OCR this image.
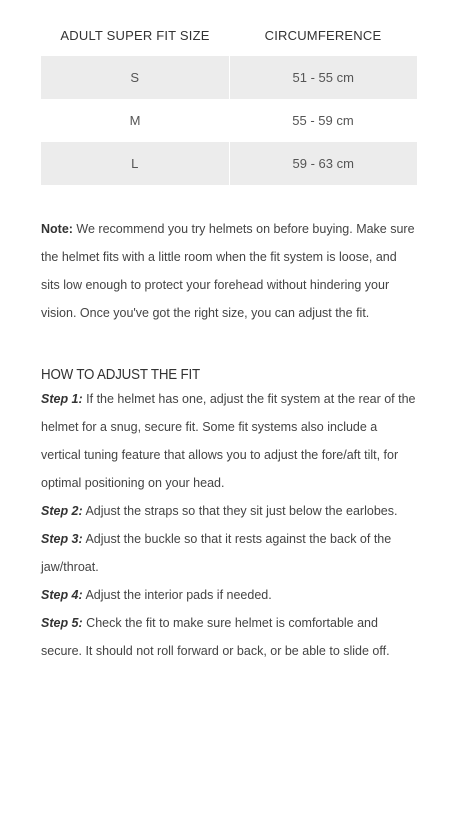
ADULT SUPER FIT SIZE	CIRCUMFERENCE
S	51 - 55 cm
M	55 - 59 cm
L	59 - 63 cm

Note: We recommend you try helmets on before buying. Make sure the helmet fits with a little room when the fit system is loose, and sits low enough to protect your forehead without hindering your vision. Once you've got the right size, you can adjust the fit.

HOW TO ADJUST THE FIT

Step 1: If the helmet has one, adjust the fit system at the rear of the helmet for a snug, secure fit. Some fit systems also include a vertical tuning feature that allows you to adjust the fore/aft tilt, for optimal positioning on your head.

Step 2: Adjust the straps so that they sit just below the earlobes.

Step 3: Adjust the buckle so that it rests against the back of the jaw/throat.

Step 4: Adjust the interior pads if needed.

Step 5: Check the fit to make sure helmet is comfortable and secure. It should not roll forward or back, or be able to slide off.
